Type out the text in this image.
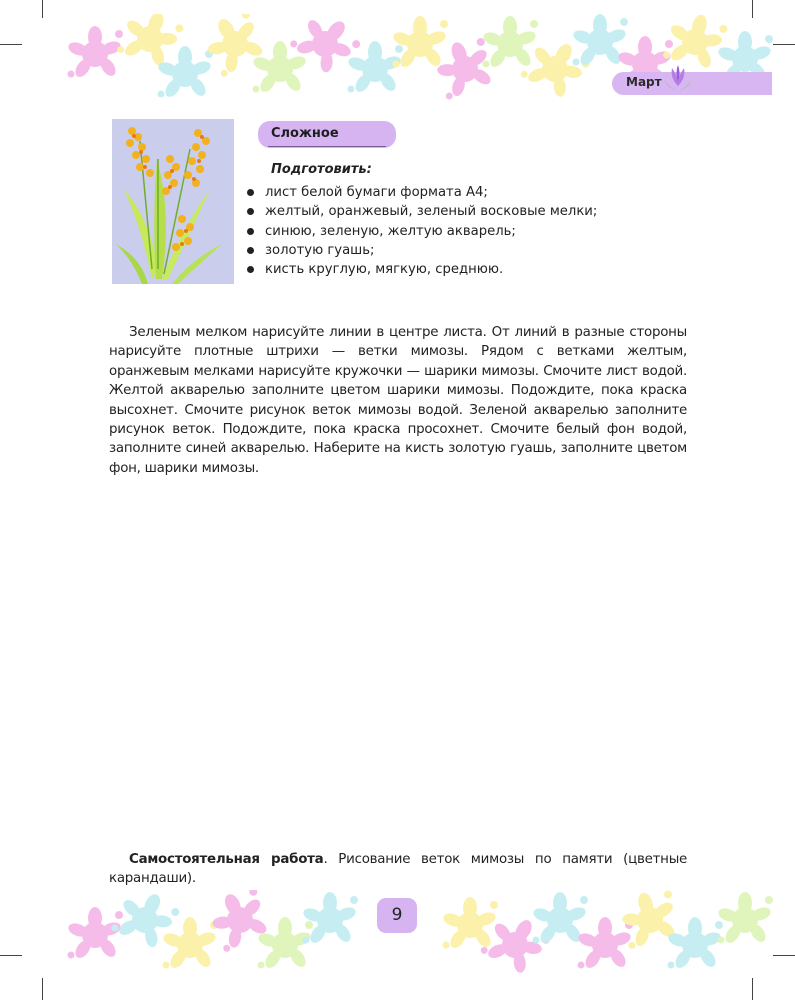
Март
Сложное
Подготовить:
лист белой бумаги формата А4;
желтый, оранжевый, зеленый восковые мелки;
синюю, зеленую, желтую акварель;
золотую гуашь;
кисть круглую, мягкую, среднюю.

Зеленым мелком нарисуйте линии в центре листа. От линий в разные стороны нарисуйте плотные штрихи — ветки мимозы. Рядом с ветками желтым, оранжевым мелками нарисуйте кружочки — шарики мимозы. Смочите лист водой. Желтой акварелью заполните цветом шарики мимозы. Подождите, пока краска высохнет. Смочите рисунок веток мимозы водой. Зеленой акварелью заполните рисунок веток. Подождите, пока краска просохнет. Смочите белый фон водой, заполните синей акварелью. Наберите на кисть золотую гуашь, заполните цветом фон, шарики мимозы.

Самостоятельная работа. Рисование веток мимозы по памяти (цветные карандаши).

9
